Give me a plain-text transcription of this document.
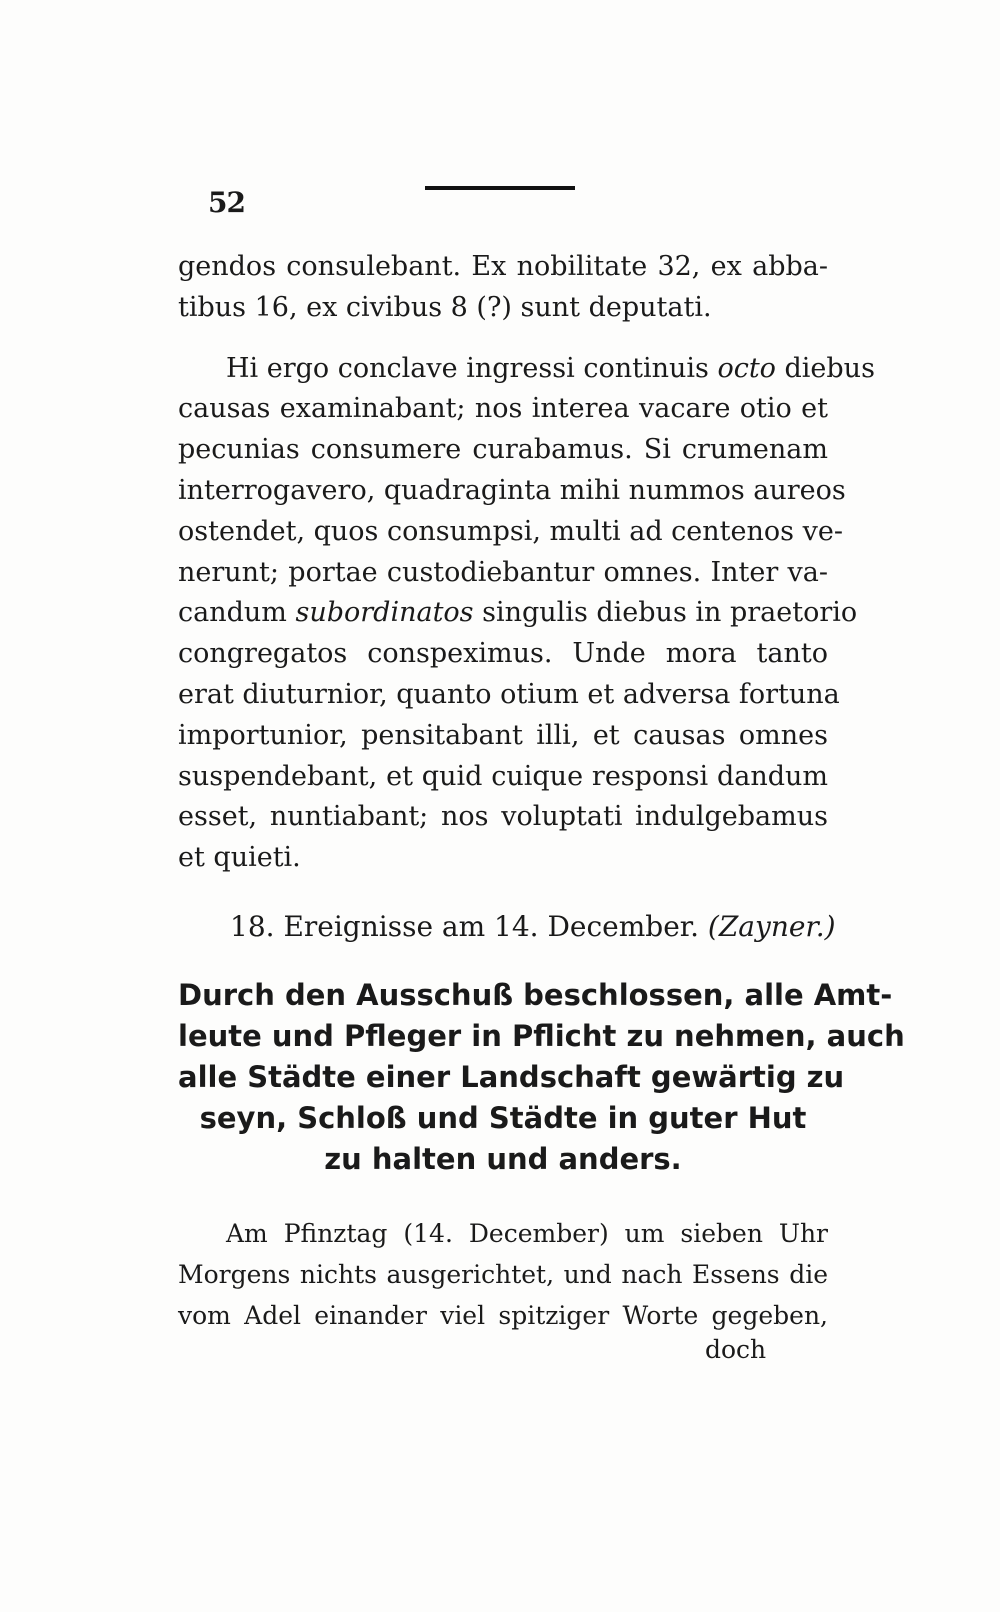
52
gendos consulebant. Ex nobilitate 32, ex abba-
tibus 16, ex civibus 8 (?) sunt deputati.
Hi ergo conclave ingressi continuis octo diebus
causas examinabant; nos interea vacare otio et
pecunias consumere curabamus. Si crumenam
interrogavero, quadraginta mihi nummos aureos
ostendet, quos consumpsi, multi ad centenos ve-
nerunt; portae custodiebantur omnes. Inter va-
candum subordinatos singulis diebus in praetorio
congregatos conspeximus. Unde mora tanto
erat diuturnior, quanto otium et adversa fortuna
importunior, pensitabant illi, et causas omnes
suspendebant, et quid cuique responsi dandum
esset, nuntiabant; nos voluptati indulgebamus
et quieti.
18. Ereignisse am 14. December. (Zayner.)
Durch den Ausschuß beschlossen, alle Amt-
leute und Pfleger in Pflicht zu nehmen, auch
alle Städte einer Landschaft gewärtig zu
seyn, Schloß und Städte in guter Hut
zu halten und anders.
Am Pfinztag (14. December) um sieben Uhr
Morgens nichts ausgerichtet, und nach Essens die
vom Adel einander viel spitziger Worte gegeben,
doch
